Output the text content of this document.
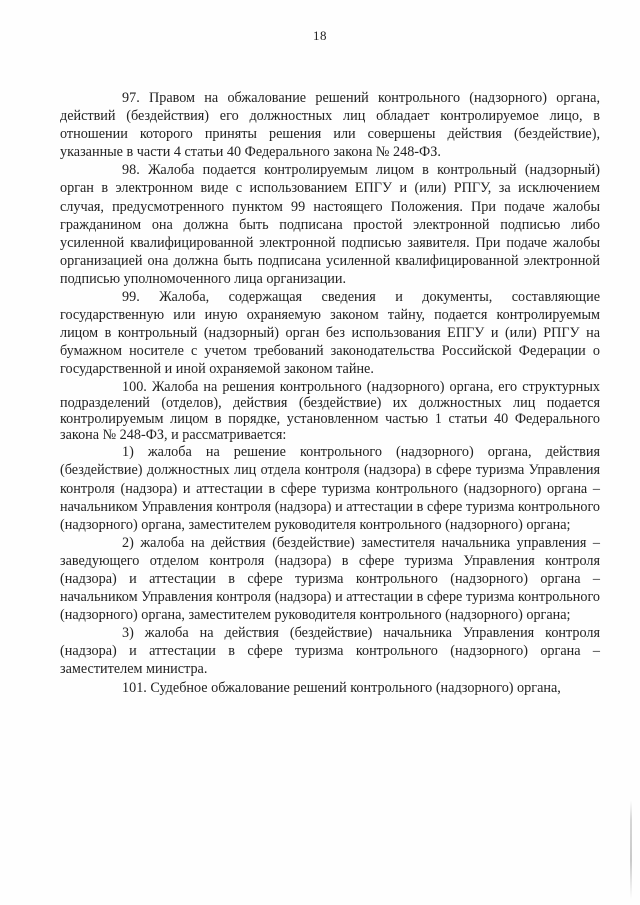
18

97. Правом на обжалование решений контрольного (надзорного) органа, действий (бездействия) его должностных лиц обладает контролируемое лицо, в отношении которого приняты решения или совершены действия (бездействие), указанные в части 4 статьи 40 Федерального закона № 248-ФЗ.

98. Жалоба подается контролируемым лицом в контрольный (надзорный) орган в электронном виде с использованием ЕПГУ и (или) РПГУ, за исключением случая, предусмотренного пунктом 99 настоящего Положения. При подаче жалобы гражданином она должна быть подписана простой электронной подписью либо усиленной квалифицированной электронной подписью заявителя. При подаче жалобы организацией она должна быть подписана усиленной квалифицированной электронной подписью уполномоченного лица организации.

99. Жалоба, содержащая сведения и документы, составляющие государственную или иную охраняемую законом тайну, подается контролируемым лицом в контрольный (надзорный) орган без использования ЕПГУ и (или) РПГУ на бумажном носителе с учетом требований законодательства Российской Федерации о государственной и иной охраняемой законом тайне.

100. Жалоба на решения контрольного (надзорного) органа, его структурных подразделений (отделов), действия (бездействие) их должностных лиц подается контролируемым лицом в порядке, установленном частью 1 статьи 40 Федерального закона № 248-ФЗ, и рассматривается:

1) жалоба на решение контрольного (надзорного) органа, действия (бездействие) должностных лиц отдела контроля (надзора) в сфере туризма Управления контроля (надзора) и аттестации в сфере туризма контрольного (надзорного) органа – начальником Управления контроля (надзора) и аттестации в сфере туризма контрольного (надзорного) органа, заместителем руководителя контрольного (надзорного) органа;

2) жалоба на действия (бездействие) заместителя начальника управления – заведующего отделом контроля (надзора) в сфере туризма Управления контроля (надзора) и аттестации в сфере туризма контрольного (надзорного) органа – начальником Управления контроля (надзора) и аттестации в сфере туризма контрольного (надзорного) органа, заместителем руководителя контрольного (надзорного) органа;

3) жалоба на действия (бездействие) начальника Управления контроля (надзора) и аттестации в сфере туризма контрольного (надзорного) органа – заместителем министра.

101. Судебное обжалование решений контрольного (надзорного) органа,
